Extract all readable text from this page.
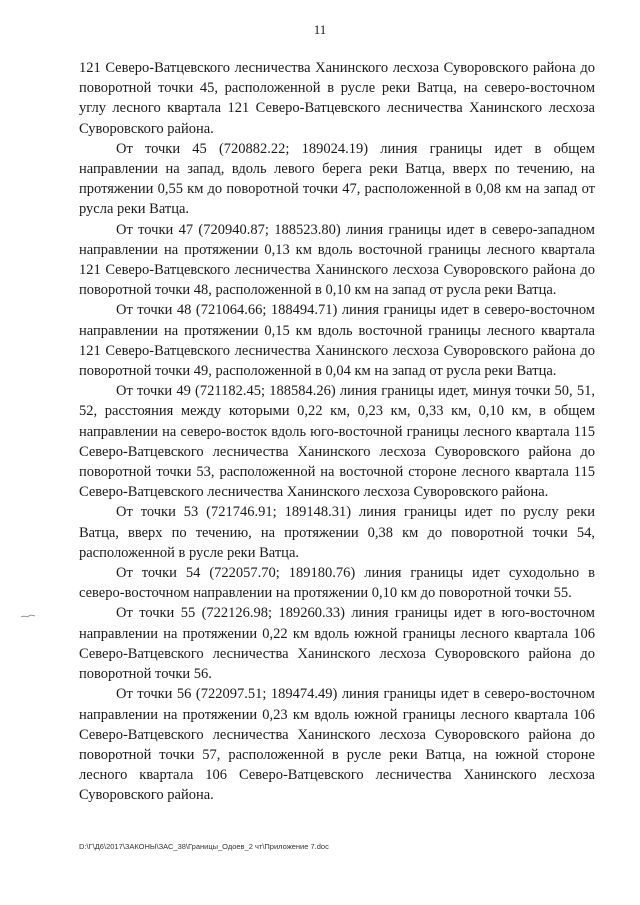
11

121 Северо-Ватцевского лесничества Ханинского лесхоза Суворовского района до поворотной точки 45, расположенной в русле реки Ватца, на северо-восточном углу лесного квартала 121 Северо-Ватцевского лесничества Ханинского лесхоза Суворовского района.

От точки 45 (720882.22; 189024.19) линия границы идет в общем направлении на запад, вдоль левого берега реки Ватца, вверх по течению, на протяжении 0,55 км до поворотной точки 47, расположенной в 0,08 км на запад от русла реки Ватца.

От точки 47 (720940.87; 188523.80) линия границы идет в северо-западном направлении на протяжении 0,13 км вдоль восточной границы лесного квартала 121 Северо-Ватцевского лесничества Ханинского лесхоза Суворовского района до поворотной точки 48, расположенной в 0,10 км на запад от русла реки Ватца.

От точки 48 (721064.66; 188494.71) линия границы идет в северо-восточном направлении на протяжении 0,15 км вдоль восточной границы лесного квартала 121 Северо-Ватцевского лесничества Ханинского лесхоза Суворовского района до поворотной точки 49, расположенной в 0,04 км на запад от русла реки Ватца.

От точки 49 (721182.45; 188584.26) линия границы идет, минуя точки 50, 51, 52, расстояния между которыми 0,22 км, 0,23 км, 0,33 км, 0,10 км, в общем направлении на северо-восток вдоль юго-восточной границы лесного квартала 115 Северо-Ватцевского лесничества Ханинского лесхоза Суворовского района до поворотной точки 53, расположенной на восточной стороне лесного квартала 115 Северо-Ватцевского лесничества Ханинского лесхоза Суворовского района.

От точки 53 (721746.91; 189148.31) линия границы идет по руслу реки Ватца, вверх по течению, на протяжении 0,38 км до поворотной точки 54, расположенной в русле реки Ватца.

От точки 54 (722057.70; 189180.76) линия границы идет суходольно в северо-восточном направлении на протяжении 0,10 км до поворотной точки 55.

От точки 55 (722126.98; 189260.33) линия границы идет в юго-восточном направлении на протяжении 0,22 км вдоль южной границы лесного квартала 106 Северо-Ватцевского лесничества Ханинского лесхоза Суворовского района до поворотной точки 56.

От точки 56 (722097.51; 189474.49) линия границы идет в северо-восточном направлении на протяжении 0,23 км вдоль южной границы лесного квартала 106 Северо-Ватцевского лесничества Ханинского лесхоза Суворовского района до поворотной точки 57, расположенной в русле реки Ватца, на южной стороне лесного квартала 106 Северо-Ватцевского лесничества Ханинского лесхоза Суворовского района.

D:\Г\Д6\2017\ЗАКОНЫ\ЗАС_38\Границы_Одоев_2 чт\Приложение 7.doc
